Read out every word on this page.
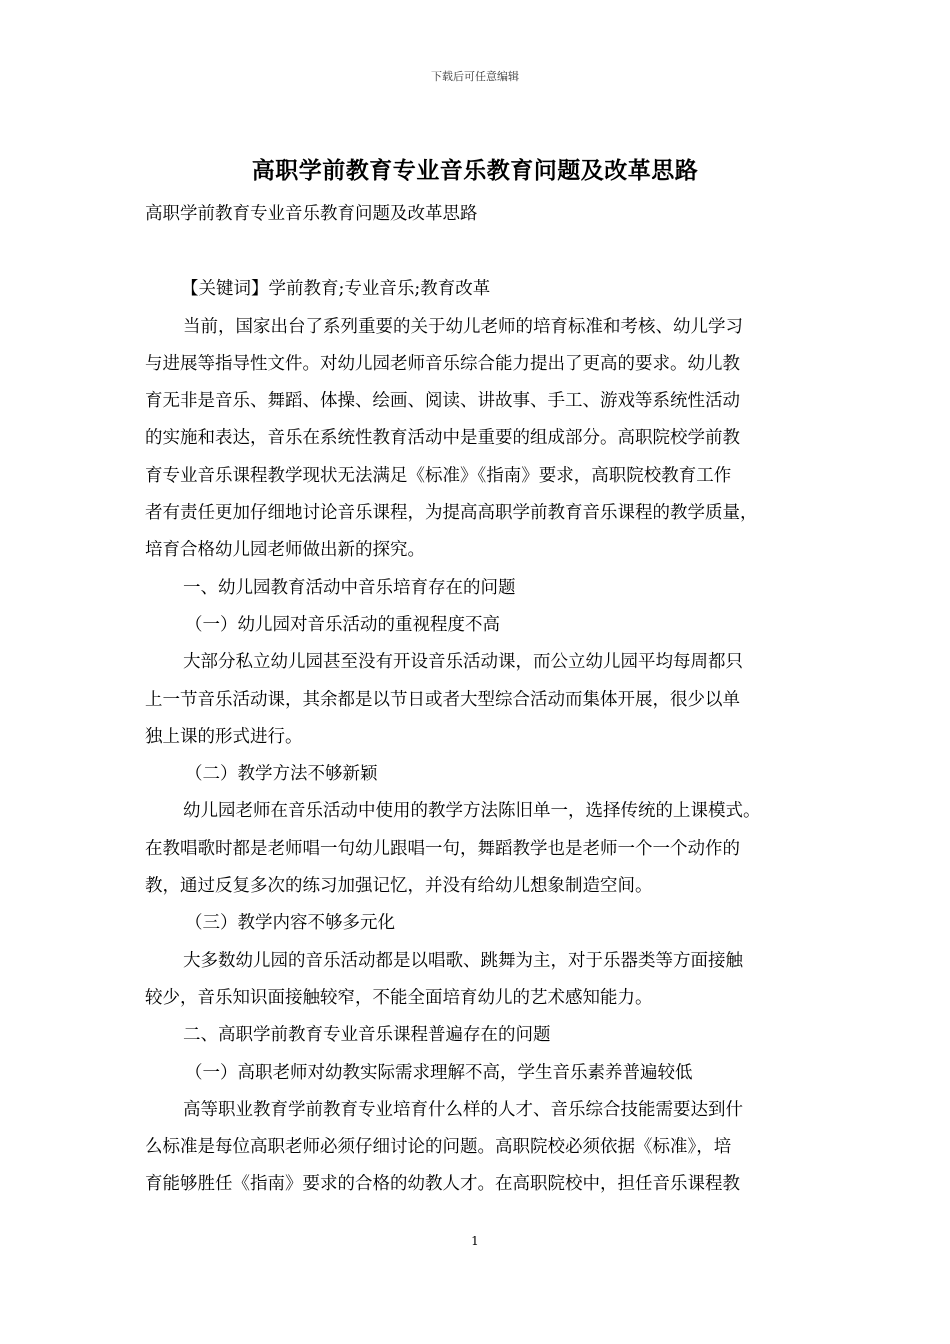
下载后可任意编辑
高职学前教育专业音乐教育问题及改革思路
高职学前教育专业音乐教育问题及改革思路
【关键词】学前教育;专业音乐;教育改革
当前，国家出台了系列重要的关于幼儿老师的培育标准和考核、幼儿学习
与进展等指导性文件。对幼儿园老师音乐综合能力提出了更高的要求。幼儿教
育无非是音乐、舞蹈、体操、绘画、阅读、讲故事、手工、游戏等系统性活动
的实施和表达，音乐在系统性教育活动中是重要的组成部分。高职院校学前教
育专业音乐课程教学现状无法满足《标准》《指南》要求，高职院校教育工作
者有责任更加仔细地讨论音乐课程，为提高高职学前教育音乐课程的教学质量，
培育合格幼儿园老师做出新的探究。
一、幼儿园教育活动中音乐培育存在的问题
（一）幼儿园对音乐活动的重视程度不高
大部分私立幼儿园甚至没有开设音乐活动课，而公立幼儿园平均每周都只
上一节音乐活动课，其余都是以节日或者大型综合活动而集体开展，很少以单
独上课的形式进行。
（二）教学方法不够新颖
幼儿园老师在音乐活动中使用的教学方法陈旧单一，选择传统的上课模式。
在教唱歌时都是老师唱一句幼儿跟唱一句，舞蹈教学也是老师一个一个动作的
教，通过反复多次的练习加强记忆，并没有给幼儿想象制造空间。
（三）教学内容不够多元化
大多数幼儿园的音乐活动都是以唱歌、跳舞为主，对于乐器类等方面接触
较少，音乐知识面接触较窄，不能全面培育幼儿的艺术感知能力。
二、高职学前教育专业音乐课程普遍存在的问题
（一）高职老师对幼教实际需求理解不高，学生音乐素养普遍较低
高等职业教育学前教育专业培育什么样的人才、音乐综合技能需要达到什
么标准是每位高职老师必须仔细讨论的问题。高职院校必须依据《标准》，培
育能够胜任《指南》要求的合格的幼教人才。在高职院校中，担任音乐课程教
1
